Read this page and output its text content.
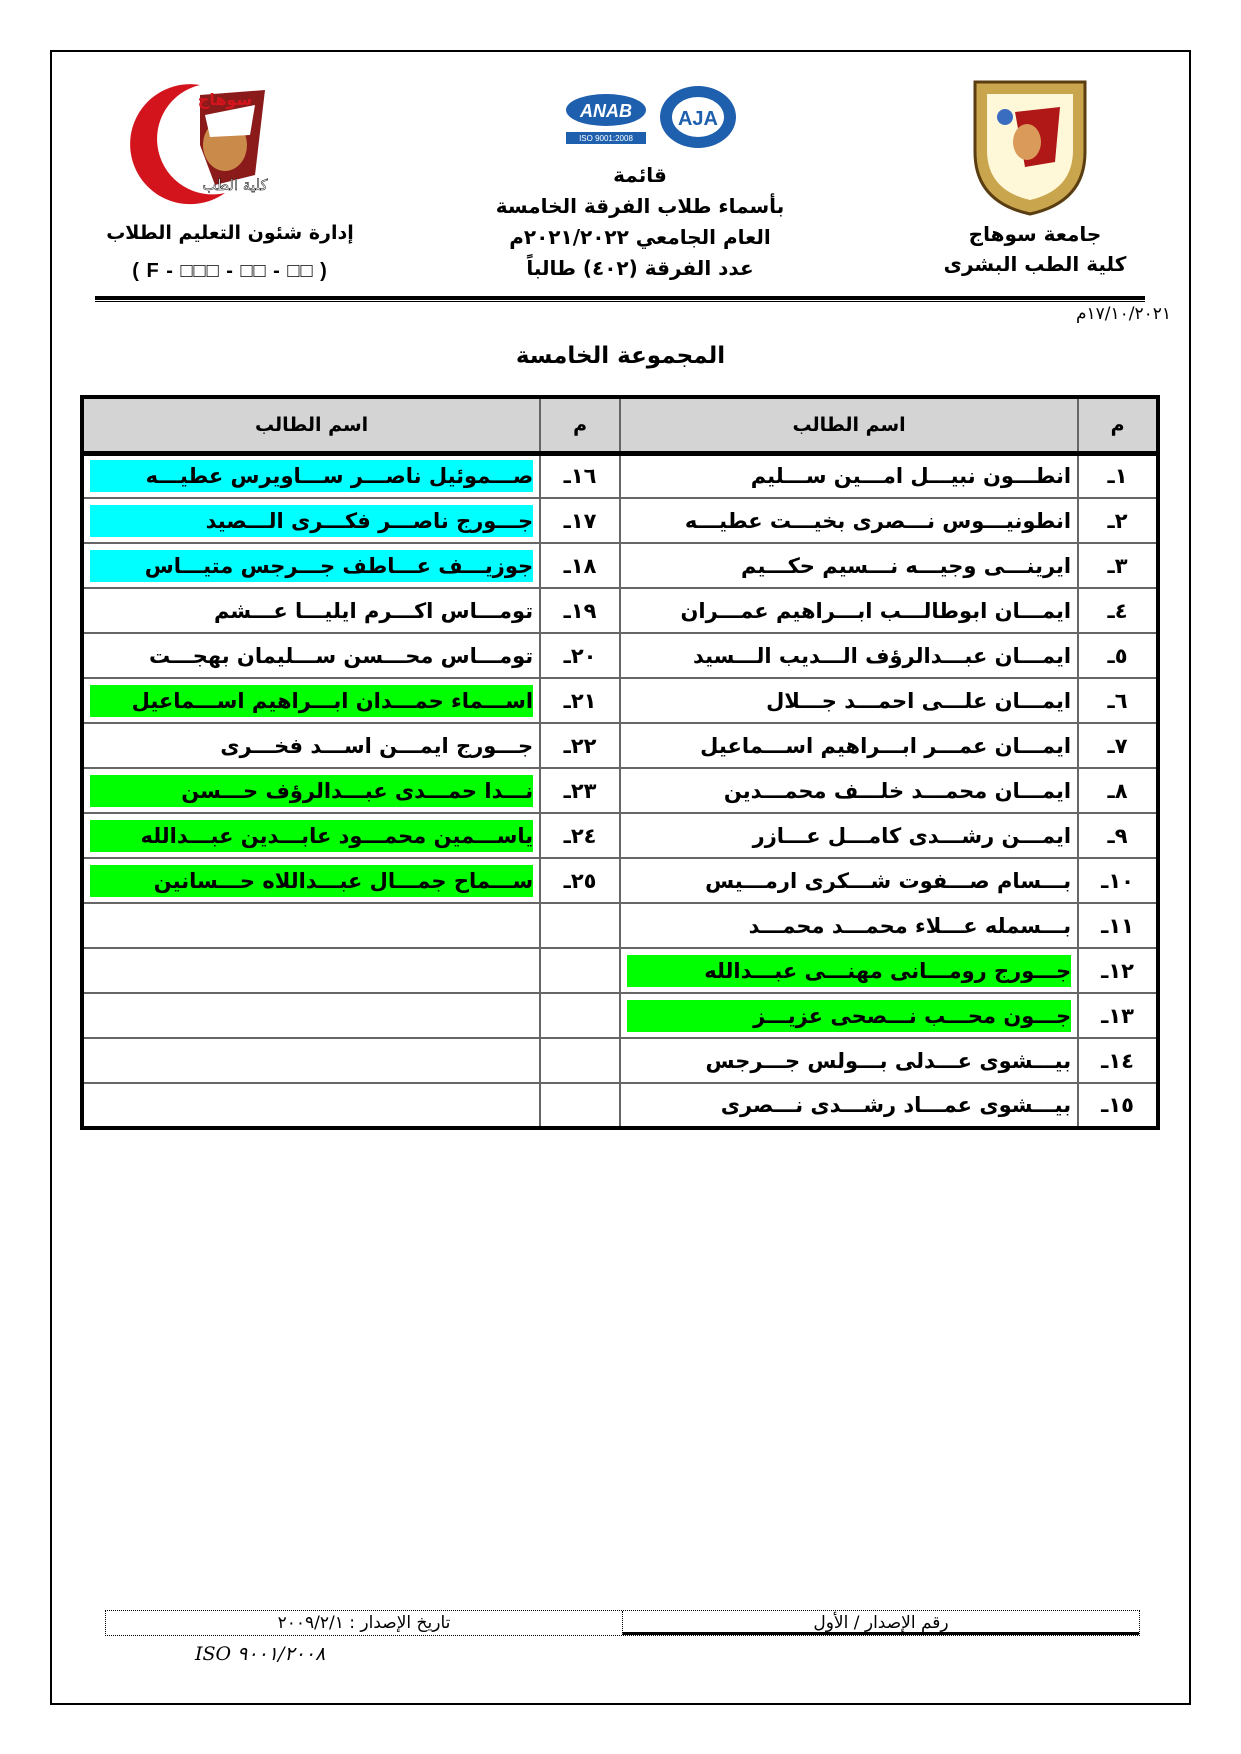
سوهاج
كلية الطب
إدارة شئون التعليم الطلاب
( F - □□□ - □□ - □□ )
ANAB
ISO 9001:2008
AJA
قائمة
بأسماء طلاب الفرقة الخامسة
العام الجامعي ٢٠٢١/٢٠٢٢م
عدد الفرقة (٤٠٢) طالباً
جامعة سوهاج
كلية الطب البشرى
١٧/١٠/٢٠٢١م
المجموعة الخامسة
م	اسم الطالب	م	اسم الطالب
١ـ	انطـــون نبيـــل امـــين ســـليم	١٦ـ	صـــموئيل ناصـــر ســـاويرس عطيـــه

٢ـ	انطونيـــوس نـــصرى بخيـــت عطيـــه	١٧ـ	جـــورج ناصـــر فكـــرى الـــصيد

٣ـ	ايرينـــى وجيـــه نـــسيم حكـــيم	١٨ـ	جوزيـــف عـــاطف جـــرجس متيـــاس

٤ـ	ايمـــان ابوطالـــب ابـــراهيم عمـــران	١٩ـ	تومـــاس اكـــرم ايليـــا عـــشم

٥ـ	ايمـــان عبـــدالرؤف الـــديب الـــسيد	٢٠ـ	تومـــاس محـــسن ســـليمان بهجـــت

٦ـ	ايمـــان علـــى احمـــد جـــلال	٢١ـ	اســـماء حمـــدان ابـــراهيم اســـماعيل

٧ـ	ايمـــان عمـــر ابـــراهيم اســـماعيل	٢٢ـ	جـــورج ايمـــن اســـد فخـــرى

٨ـ	ايمـــان محمـــد خلـــف محمـــدين	٢٣ـ	نـــدا حمـــدى عبـــدالرؤف حـــسن

٩ـ	ايمـــن رشـــدى كامـــل عـــازر	٢٤ـ	ياســـمين محمـــود عابـــدين عبـــدالله

١٠ـ	بـــسام صـــفوت شـــكرى ارمـــيس	٢٥ـ	ســـماح جمـــال عبـــداللاه حـــسانين

١١ـ	بـــسمله عـــلاء محمـــد محمـــد		

١٢ـ	جـــورج رومـــانى مهنـــى عبـــدالله		

١٣ـ	جـــون محـــب نـــصحى عزيـــز		

١٤ـ	بيـــشوى عـــدلى بـــولس جـــرجس		

١٥ـ	بيـــشوى عمـــاد رشـــدى نـــصرى		

رقم الإصدار / الأول
تاريخ الإصدار : ٢٠٠٩/٢/١
ISO ٩٠٠١/٢٠٠٨
